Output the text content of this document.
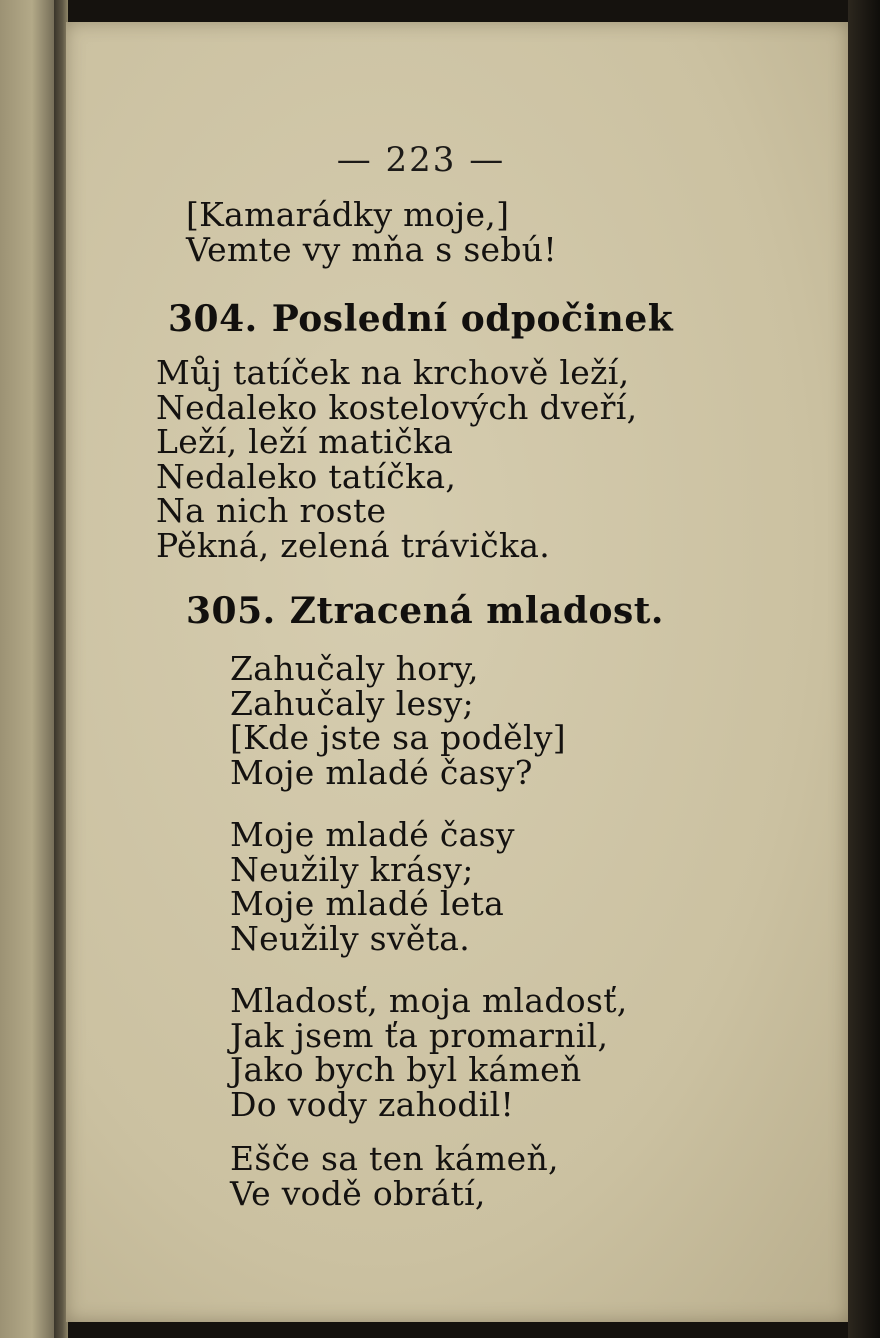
— 223 —
[Kamarádky moje,]
Vemte vy mňa s sebú!
304. Poslední odpočinek
Můj tatíček na krchově leží,
Nedaleko kostelových dveří,
Leží, leží matička
Nedaleko tatíčka,
Na nich roste
Pěkná, zelená trávička.
305. Ztracená mladost.
Zahučaly hory,
Zahučaly lesy;
[Kde jste sa poděly]
Moje mladé časy?
Moje mladé časy
Neužily krásy;
Moje mladé leta
Neužily světa.
Mladosť, moja mladosť,
Jak jsem ťa promarnil,
Jako bych byl kámeň
Do vody zahodil!
Ešče sa ten kámeň,
Ve vodě obrátí,
